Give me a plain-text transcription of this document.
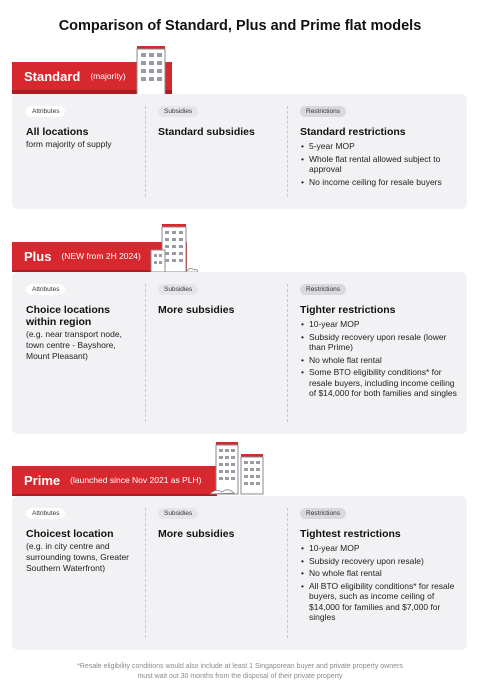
Comparison of Standard, Plus and Prime flat models
Standard (majority)
Attributes
All locations
form majority of supply
Subsidies
Standard subsidies
Restrictions
Standard restrictions
• 5-year MOP
• Whole flat rental allowed subject to approval
• No income ceiling for resale buyers
Plus (NEW from 2H 2024)
Attributes
Choice locations within region
(e.g. near transport node, town centre - Bayshore, Mount Pleasant)
Subsidies
More subsidies
Restrictions
Tighter restrictions
• 10-year MOP
• Subsidy recovery upon resale (lower than Prime)
• No whole flat rental
• Some BTO eligibility conditions* for resale buyers, including income ceiling of $14,000 for both families and singles
Prime (launched since Nov 2021 as PLH)
Attributes
Choicest location
(e.g. in city centre and surrounding towns, Greater Southern Waterfront)
Subsidies
More subsidies
Restrictions
Tightest restrictions
• 10-year MOP
• Subsidy recovery upon resale)
• No whole flat rental
• All BTO eligibility conditions* for resale buyers, such as income ceiling of $14,000 for families and $7,000 for singles
*Resale eligibility conditions would also include at least 1 Singaporean buyer and private property owners
must wait out 30 months from the disposal of their private property
